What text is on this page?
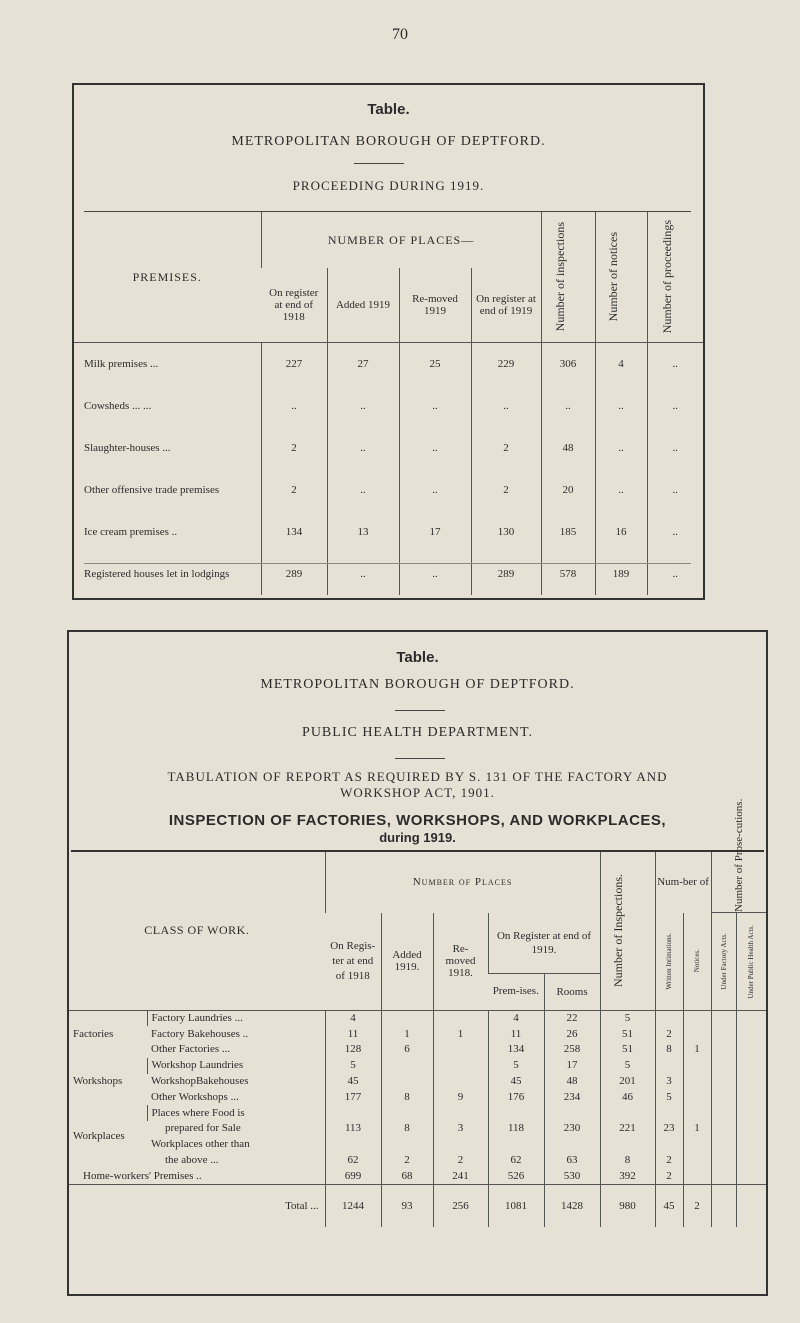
70
Table.
METROPOLITAN BOROUGH OF DEPTFORD.
PROCEEDING DURING 1919.
PREMISES.	NUMBER OF PLACES—				Number of inspections	Number of notices	Number of proceedings

	On register at end of 1918	Added 1919	Re-moved 1919	On register at end of 1919			
Milk premises ...	227	27	25	229	306	4	..
Cowsheds ... ...	..	..	..	..	..	..	..
Slaughter-houses ...	2	..	..	2	48	..	..
Other offensive trade premises	2	..	..	2	20	..	..
Ice cream premises ..	134	13	17	130	185	16	..
Registered houses let in lodgings	289	..	..	289	578	189	..
Table.
METROPOLITAN BOROUGH OF DEPTFORD.
PUBLIC HEALTH DEPARTMENT.
TABULATION OF REPORT AS REQUIRED BY S. 131 OF THE FACTORY AND WORKSHOP ACT, 1901.
INSPECTION OF FACTORIES, WORKSHOPS, AND WORKPLACES,
during 1919.
CLASS OF WORK.		Number of Places					Number of Inspections.	Num-ber of		Number of Prose-cutions.	

		On Regis-ter at end of 1918	Added 1919.	Re-moved 1918.	On Register at end of 1919.			Written Intimations.	Notices.	Under Factory Acts.	Under Public Health Acts.

					Prem-ises.	Rooms					
Factories	Factory Laundries ...	4			4	22	5				
	Factory Bakehouses ..	11	1	1	11	26	51	2			
	Other Factories ...	128	6		134	258	51	8	1		
Workshops	Workshop Laundries	5			5	17	5				
	WorkshopBakehouses	45			45	48	201	3			
	Other Workshops ...	177	8	9	176	234	46	5			
Workplaces	Places where Food is										
	prepared for Sale	113	8	3	118	230	221	23	1		
	Workplaces other than										
	the above ...	62	2	2	62	63	8	2			
Home-workers' Premises ..		699	68	241	526	530	392	2			
Total ...		1244	93	256	1081	1428	980	45	2		
